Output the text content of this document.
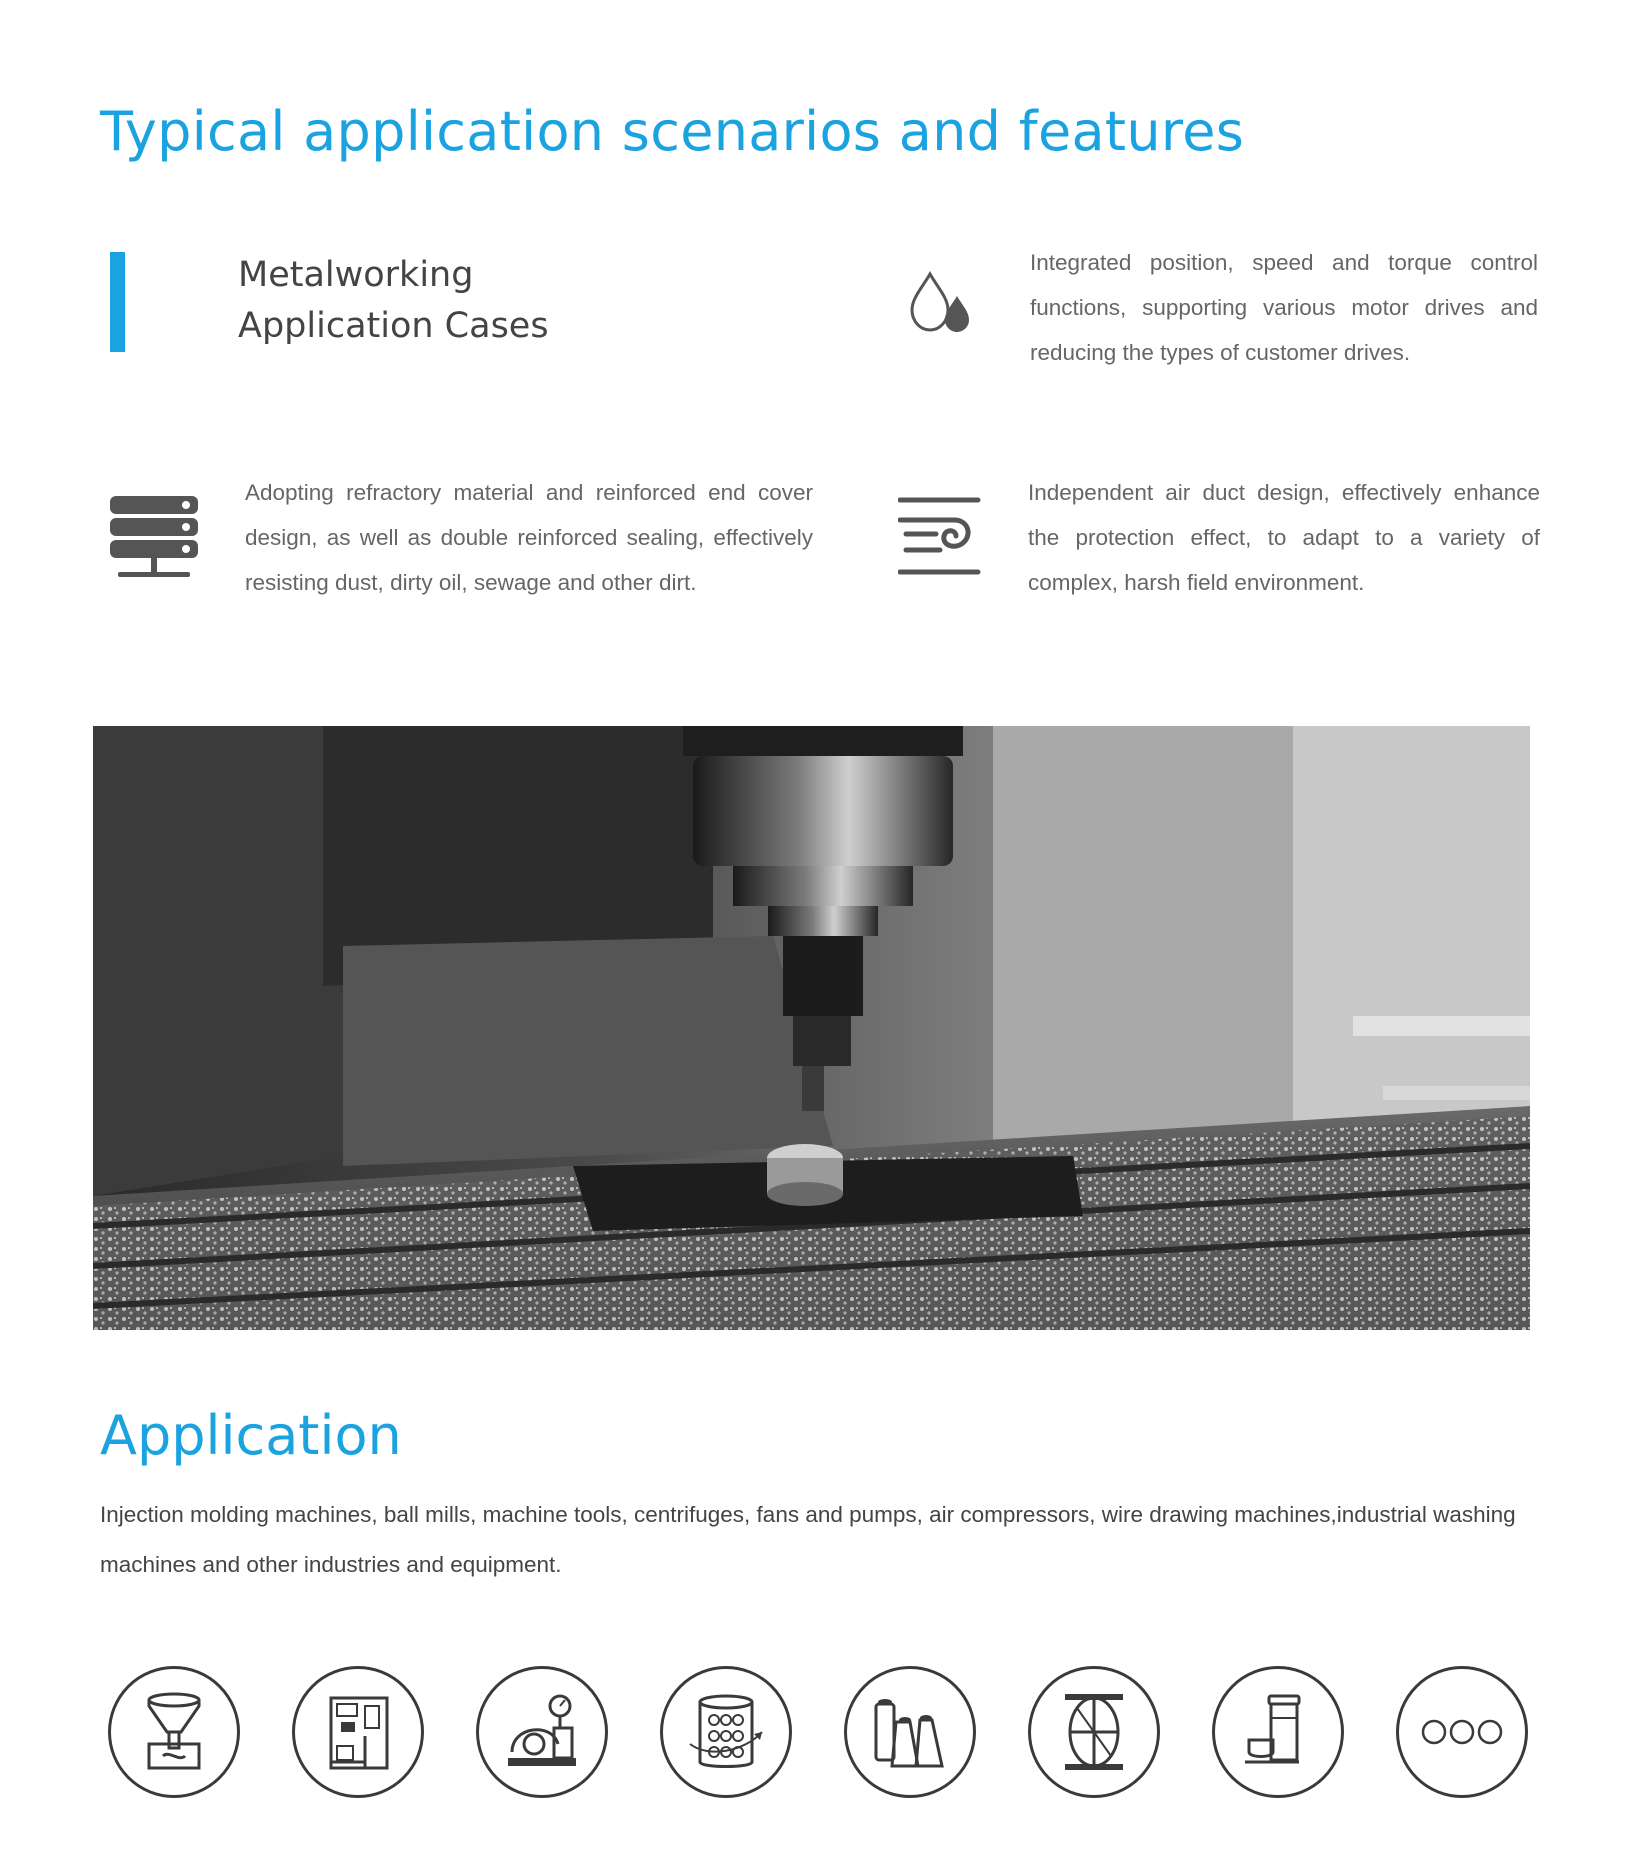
Typical application scenarios and features
Metalworking
Application Cases

Integrated position, speed and torque control functions, supporting various motor drives and reducing the types of customer drives.

Adopting refractory material and reinforced end cover design, as well as double reinforced sealing, effectively resisting dust, dirty oil, sewage and other dirt.

Independent air duct design, effectively enhance the protection effect, to adapt to a variety of complex, harsh field environment.

Application

Injection molding machines, ball mills, machine tools, centrifuges, fans and pumps, air compressors, wire drawing machines,industrial washing machines and other industries and equipment.
